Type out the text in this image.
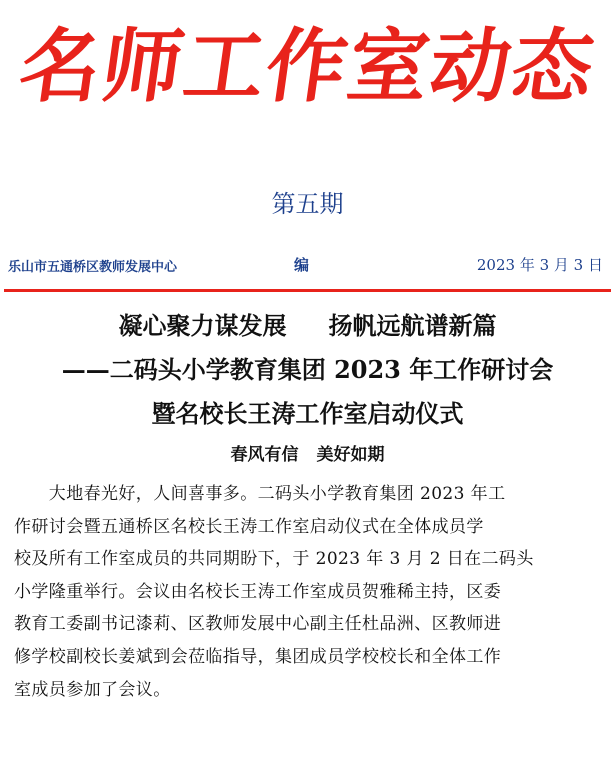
名师工作室动态
第五期
乐山市五通桥区教师发展中心	编	2023 年 3 月 3 日
凝心聚力谋发展 扬帆远航谱新篇
——二码头小学教育集团 2023 年工作研讨会
暨名校长王涛工作室启动仪式
春风有信 美好如期
　　大地春光好，人间喜事多。二码头小学教育集团 2023 年工
作研讨会暨五通桥区名校长王涛工作室启动仪式在全体成员学
校及所有工作室成员的共同期盼下，于 2023 年 3 月 2 日在二码头
小学隆重举行。会议由名校长王涛工作室成员贺雅稀主持，区委
教育工委副书记漆莉、区教师发展中心副主任杜品洲、区教师进
修学校副校长姜斌到会莅临指导，集团成员学校校长和全体工作
室成员参加了会议。
